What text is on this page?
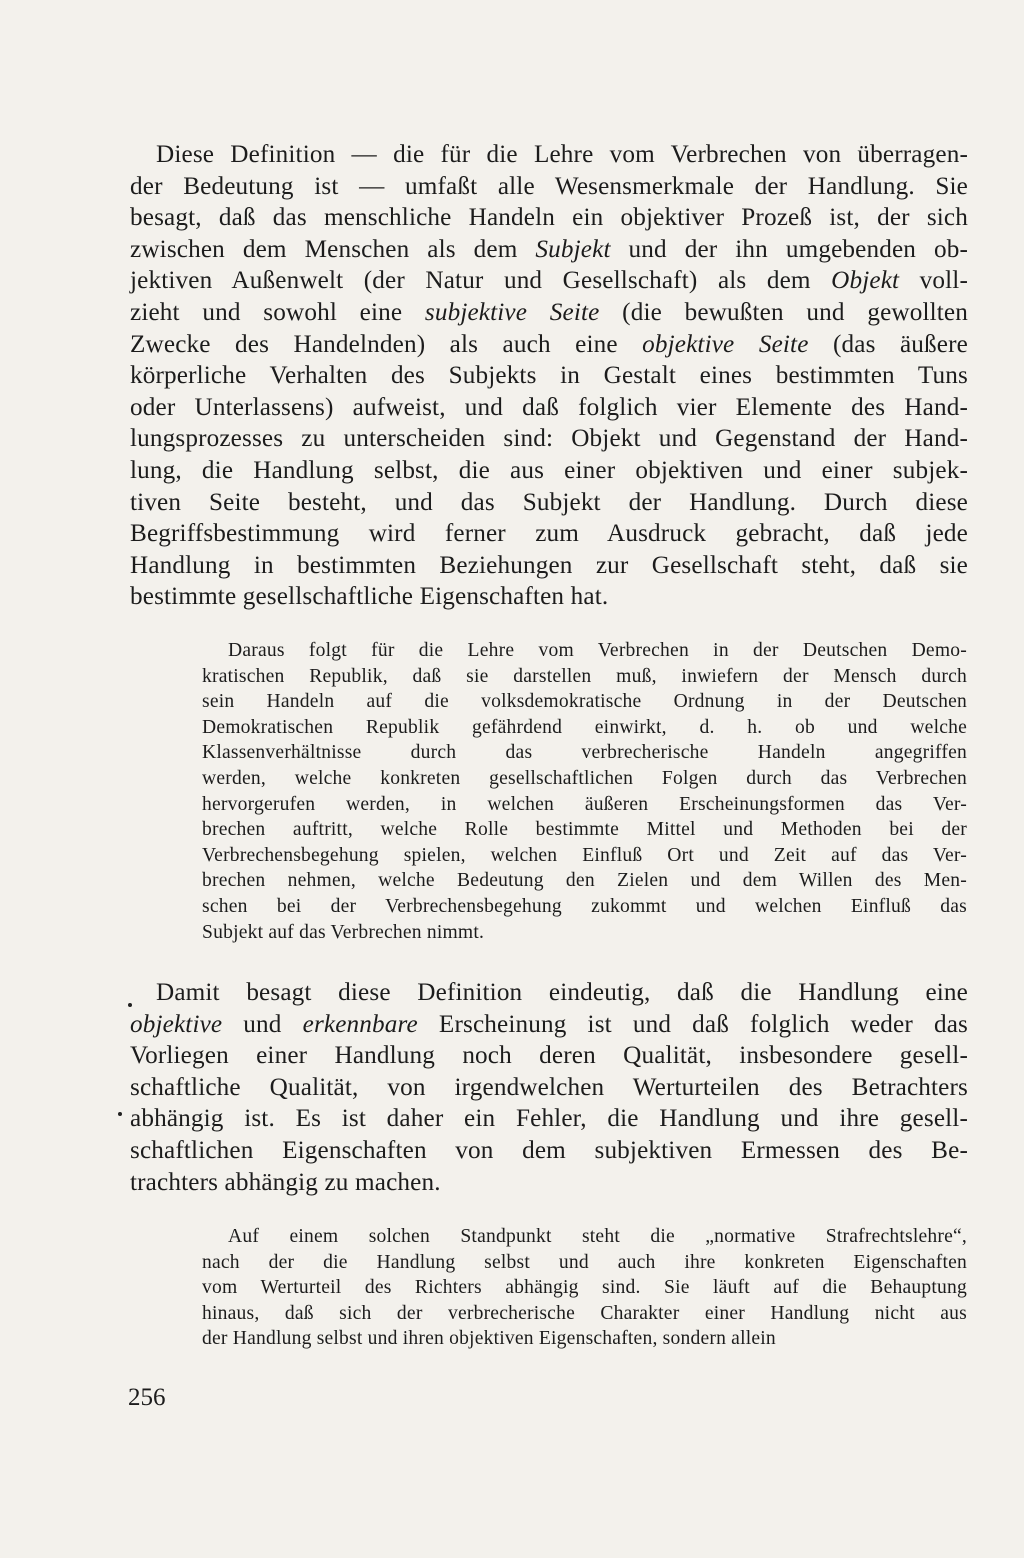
Diese Definition — die für die Lehre vom Verbrechen von überragen-
der Bedeutung ist — umfaßt alle Wesensmerkmale der Handlung. Sie
besagt, daß das menschliche Handeln ein objektiver Prozeß ist, der sich
zwischen dem Menschen als dem Subjekt und der ihn umgebenden ob-
jektiven Außenwelt (der Natur und Gesellschaft) als dem Objekt voll-
zieht und sowohl eine subjektive Seite (die bewußten und gewollten
Zwecke des Handelnden) als auch eine objektive Seite (das äußere
körperliche Verhalten des Subjekts in Gestalt eines bestimmten Tuns
oder Unterlassens) aufweist, und daß folglich vier Elemente des Hand-
lungsprozesses zu unterscheiden sind: Objekt und Gegenstand der Hand-
lung, die Handlung selbst, die aus einer objektiven und einer subjek-
tiven Seite besteht, und das Subjekt der Handlung. Durch diese
Begriffsbestimmung wird ferner zum Ausdruck gebracht, daß jede
Handlung in bestimmten Beziehungen zur Gesellschaft steht, daß sie
bestimmte gesellschaftliche Eigenschaften hat.
Daraus folgt für die Lehre vom Verbrechen in der Deutschen Demo-
kratischen Republik, daß sie darstellen muß, inwiefern der Mensch durch
sein Handeln auf die volksdemokratische Ordnung in der Deutschen
Demokratischen Republik gefährdend einwirkt, d. h. ob und welche
Klassenverhältnisse durch das verbrecherische Handeln angegriffen
werden, welche konkreten gesellschaftlichen Folgen durch das Verbrechen
hervorgerufen werden, in welchen äußeren Erscheinungsformen das Ver-
brechen auftritt, welche Rolle bestimmte Mittel und Methoden bei der
Verbrechensbegehung spielen, welchen Einfluß Ort und Zeit auf das Ver-
brechen nehmen, welche Bedeutung den Zielen und dem Willen des Men-
schen bei der Verbrechensbegehung zukommt und welchen Einfluß das
Subjekt auf das Verbrechen nimmt.
Damit besagt diese Definition eindeutig, daß die Handlung eine
objektive und erkennbare Erscheinung ist und daß folglich weder das
Vorliegen einer Handlung noch deren Qualität, insbesondere gesell-
schaftliche Qualität, von irgendwelchen Werturteilen des Betrachters
abhängig ist. Es ist daher ein Fehler, die Handlung und ihre gesell-
schaftlichen Eigenschaften von dem subjektiven Ermessen des Be-
trachters abhängig zu machen.
Auf einem solchen Standpunkt steht die „normative Strafrechtslehre“,
nach der die Handlung selbst und auch ihre konkreten Eigenschaften
vom Werturteil des Richters abhängig sind. Sie läuft auf die Behauptung
hinaus, daß sich der verbrecherische Charakter einer Handlung nicht aus
der Handlung selbst und ihren objektiven Eigenschaften, sondern allein
256
